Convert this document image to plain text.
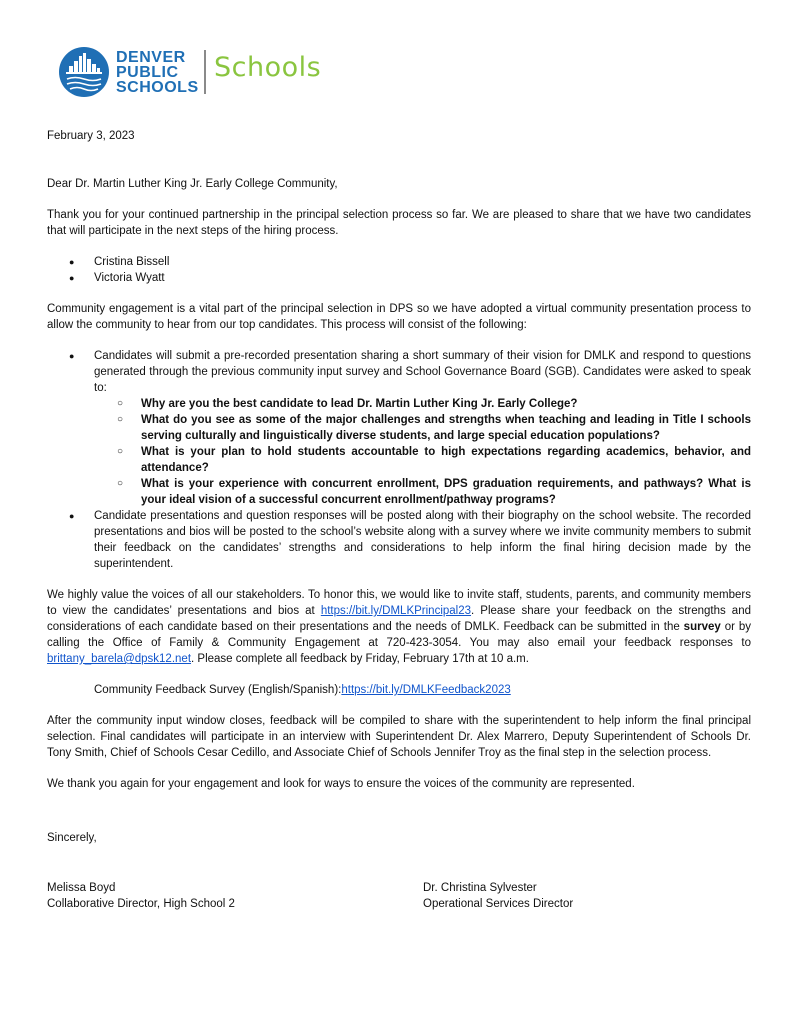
DENVER
PUBLIC
SCHOOLS
Schools

February 3, 2023

Dear Dr. Martin Luther King Jr. Early College Community,

Thank you for your continued partnership in the principal selection process so far. We are pleased to share that we have two candidates that will participate in the next steps of the hiring process.

● Cristina Bissell
● Victoria Wyatt

Community engagement is a vital part of the principal selection in DPS so we have adopted a virtual community presentation process to allow the community to hear from our top candidates. This process will consist of the following:

● Candidates will submit a pre-recorded presentation sharing a short summary of their vision for DMLK and respond to questions generated through the previous community input survey and School Governance Board (SGB). Candidates were asked to speak to:
○ Why are you the best candidate to lead Dr. Martin Luther King Jr. Early College?
○ What do you see as some of the major challenges and strengths when teaching and leading in Title I schools serving culturally and linguistically diverse students, and large special education populations?
○ What is your plan to hold students accountable to high expectations regarding academics, behavior, and attendance?
○ What is your experience with concurrent enrollment, DPS graduation requirements, and pathways? What is your ideal vision of a successful concurrent enrollment/pathway programs?
● Candidate presentations and question responses will be posted along with their biography on the school website. The recorded presentations and bios will be posted to the school’s website along with a survey where we invite community members to submit their feedback on the candidates’ strengths and considerations to help inform the final hiring decision made by the superintendent.

We highly value the voices of all our stakeholders. To honor this, we would like to invite staff, students, parents, and community members to view the candidates’ presentations and bios at https://bit.ly/DMLKPrincipal23. Please share your feedback on the strengths and considerations of each candidate based on their presentations and the needs of DMLK. Feedback can be submitted in the survey or by calling the Office of Family & Community Engagement at 720-423-3054. You may also email your feedback responses to brittany_barela@dpsk12.net. Please complete all feedback by Friday, February 17th at 10 a.m.

Community Feedback Survey (English/Spanish):https://bit.ly/DMLKFeedback2023

After the community input window closes, feedback will be compiled to share with the superintendent to help inform the final principal selection. Final candidates will participate in an interview with Superintendent Dr. Alex Marrero, Deputy Superintendent of Schools Dr. Tony Smith, Chief of Schools Cesar Cedillo, and Associate Chief of Schools Jennifer Troy as the final step in the selection process.

We thank you again for your engagement and look for ways to ensure the voices of the community are represented.

Sincerely,

Melissa Boyd
Collaborative Director, High School 2
Dr. Christina Sylvester
Operational Services Director
